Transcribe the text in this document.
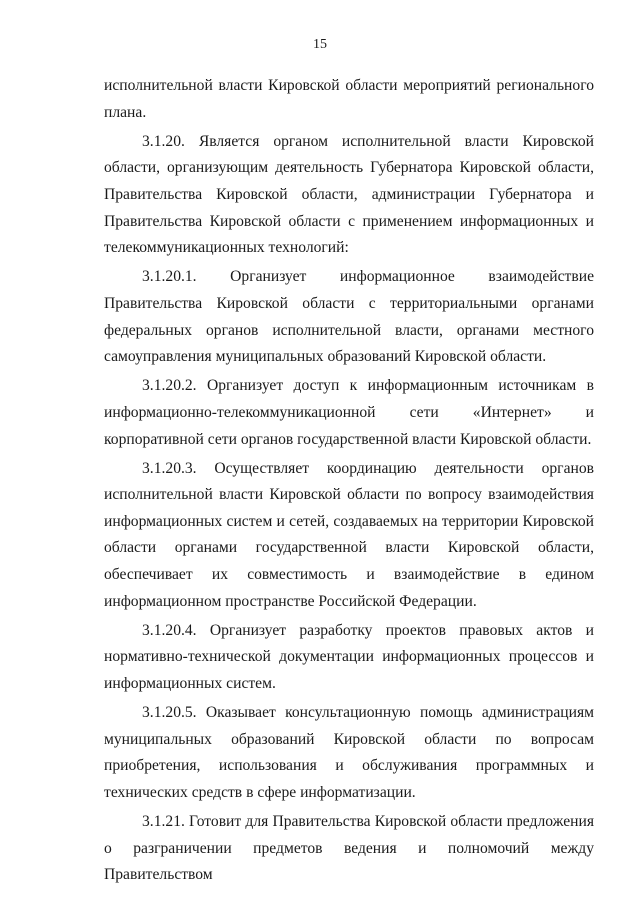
15

исполнительной власти Кировской области мероприятий регионального плана.

3.1.20. Является органом исполнительной власти Кировской области, организующим деятельность Губернатора Кировской области, Правительства Кировской области, администрации Губернатора и Правительства Кировской области с применением информационных и телекоммуникационных технологий:

3.1.20.1. Организует информационное взаимодействие Правительства Кировской области с территориальными органами федеральных органов исполнительной власти, органами местного самоуправления муниципальных образований Кировской области.

3.1.20.2. Организует доступ к информационным источникам в информационно-телекоммуникационной сети «Интернет» и корпоративной сети органов государственной власти Кировской области.

3.1.20.3. Осуществляет координацию деятельности органов исполнительной власти Кировской области по вопросу взаимодействия информационных систем и сетей, создаваемых на территории Кировской области органами государственной власти Кировской области, обеспечивает их совместимость и взаимодействие в едином информационном пространстве Российской Федерации.

3.1.20.4. Организует разработку проектов правовых актов и нормативно-технической документации информационных процессов и информационных систем.

3.1.20.5. Оказывает консультационную помощь администрациям муниципальных образований Кировской области по вопросам приобретения, использования и обслуживания программных и технических средств в сфере информатизации.

3.1.21. Готовит для Правительства Кировской области предложения о разграничении предметов ведения и полномочий между Правительством
